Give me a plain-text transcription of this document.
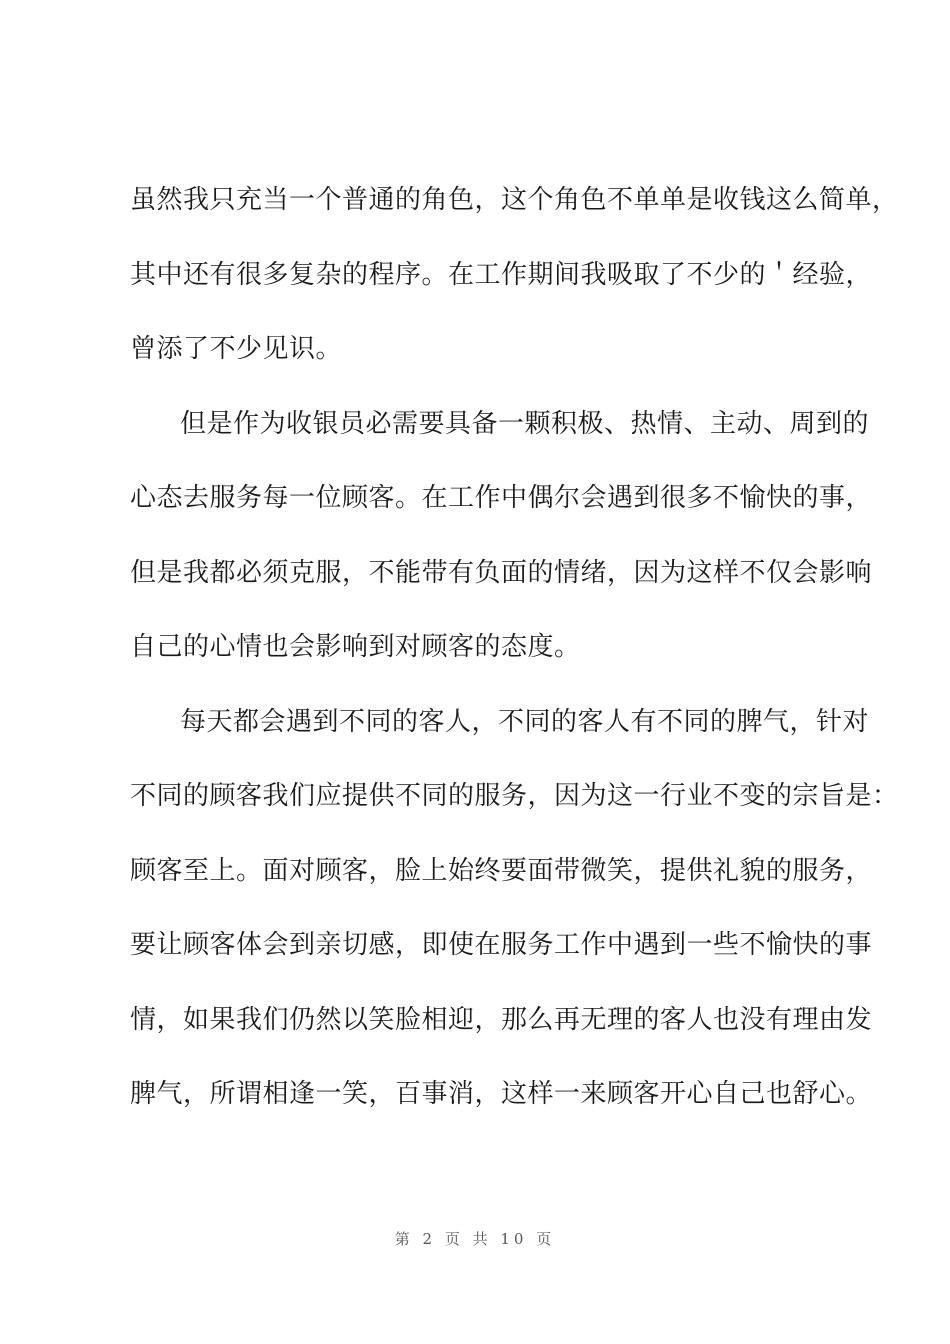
虽然我只充当一个普通的角色，这个角色不单单是收钱这么简单，
其中还有很多复杂的程序。在工作期间我吸取了不少的＇经验，
曾添了不少见识。
但是作为收银员必需要具备一颗积极、热情、主动、周到的
心态去服务每一位顾客。在工作中偶尔会遇到很多不愉快的事，
但是我都必须克服，不能带有负面的情绪，因为这样不仅会影响
自己的心情也会影响到对顾客的态度。
每天都会遇到不同的客人，不同的客人有不同的脾气，针对
不同的顾客我们应提供不同的服务，因为这一行业不变的宗旨是：
顾客至上。面对顾客，脸上始终要面带微笑，提供礼貌的服务，
要让顾客体会到亲切感，即使在服务工作中遇到一些不愉快的事
情，如果我们仍然以笑脸相迎，那么再无理的客人也没有理由发
脾气，所谓相逢一笑，百事消，这样一来顾客开心自己也舒心。
第 2 页 共 10 页
